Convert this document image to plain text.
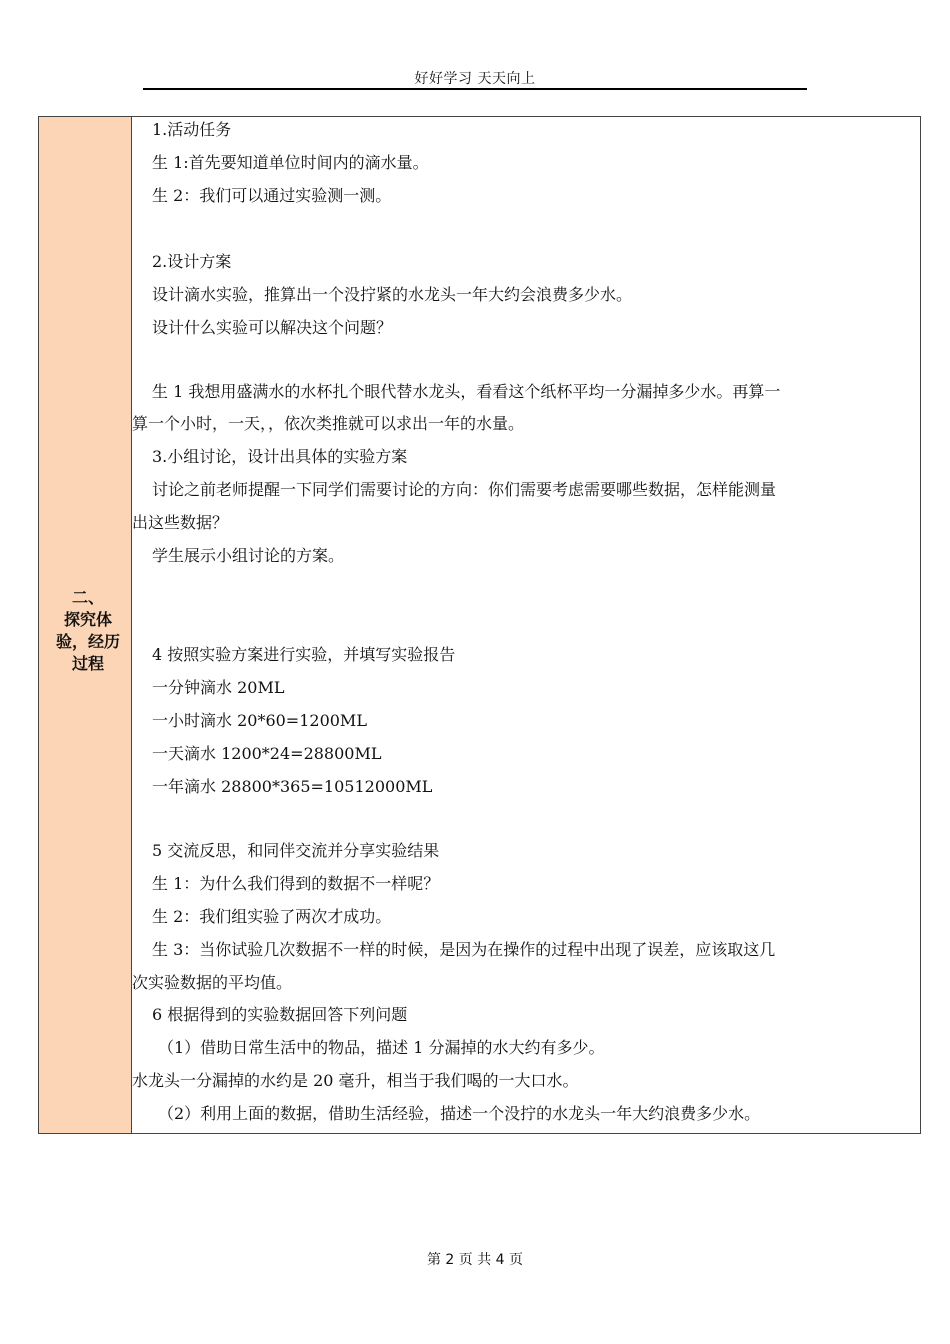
好好学习 天天向上
二、
探究体
验，经历
过程
1.活动任务
生 1:首先要知道单位时间内的滴水量。
生 2：我们可以通过实验测一测。
2.设计方案
设计滴水实验，推算出一个没拧紧的水龙头一年大约会浪费多少水。
设计什么实验可以解决这个问题？
生 1 我想用盛满水的水杯扎个眼代替水龙头，看看这个纸杯平均一分漏掉多少水。再算一
算一个小时，一天，，依次类推就可以求出一年的水量。
3.小组讨论，设计出具体的实验方案
讨论之前老师提醒一下同学们需要讨论的方向：你们需要考虑需要哪些数据，怎样能测量
出这些数据？
学生展示小组讨论的方案。
4 按照实验方案进行实验，并填写实验报告
一分钟滴水 20ML
一小时滴水 20*60=1200ML
一天滴水 1200*24=28800ML
一年滴水 28800*365=10512000ML
5 交流反思，和同伴交流并分享实验结果
生 1：为什么我们得到的数据不一样呢？
生 2：我们组实验了两次才成功。
生 3：当你试验几次数据不一样的时候，是因为在操作的过程中出现了误差，应该取这几
次实验数据的平均值。
6 根据得到的实验数据回答下列问题
（1）借助日常生活中的物品，描述 1 分漏掉的水大约有多少。
水龙头一分漏掉的水约是 20 毫升，相当于我们喝的一大口水。
（2）利用上面的数据，借助生活经验，描述一个没拧的水龙头一年大约浪费多少水。
第 2 页 共 4 页
